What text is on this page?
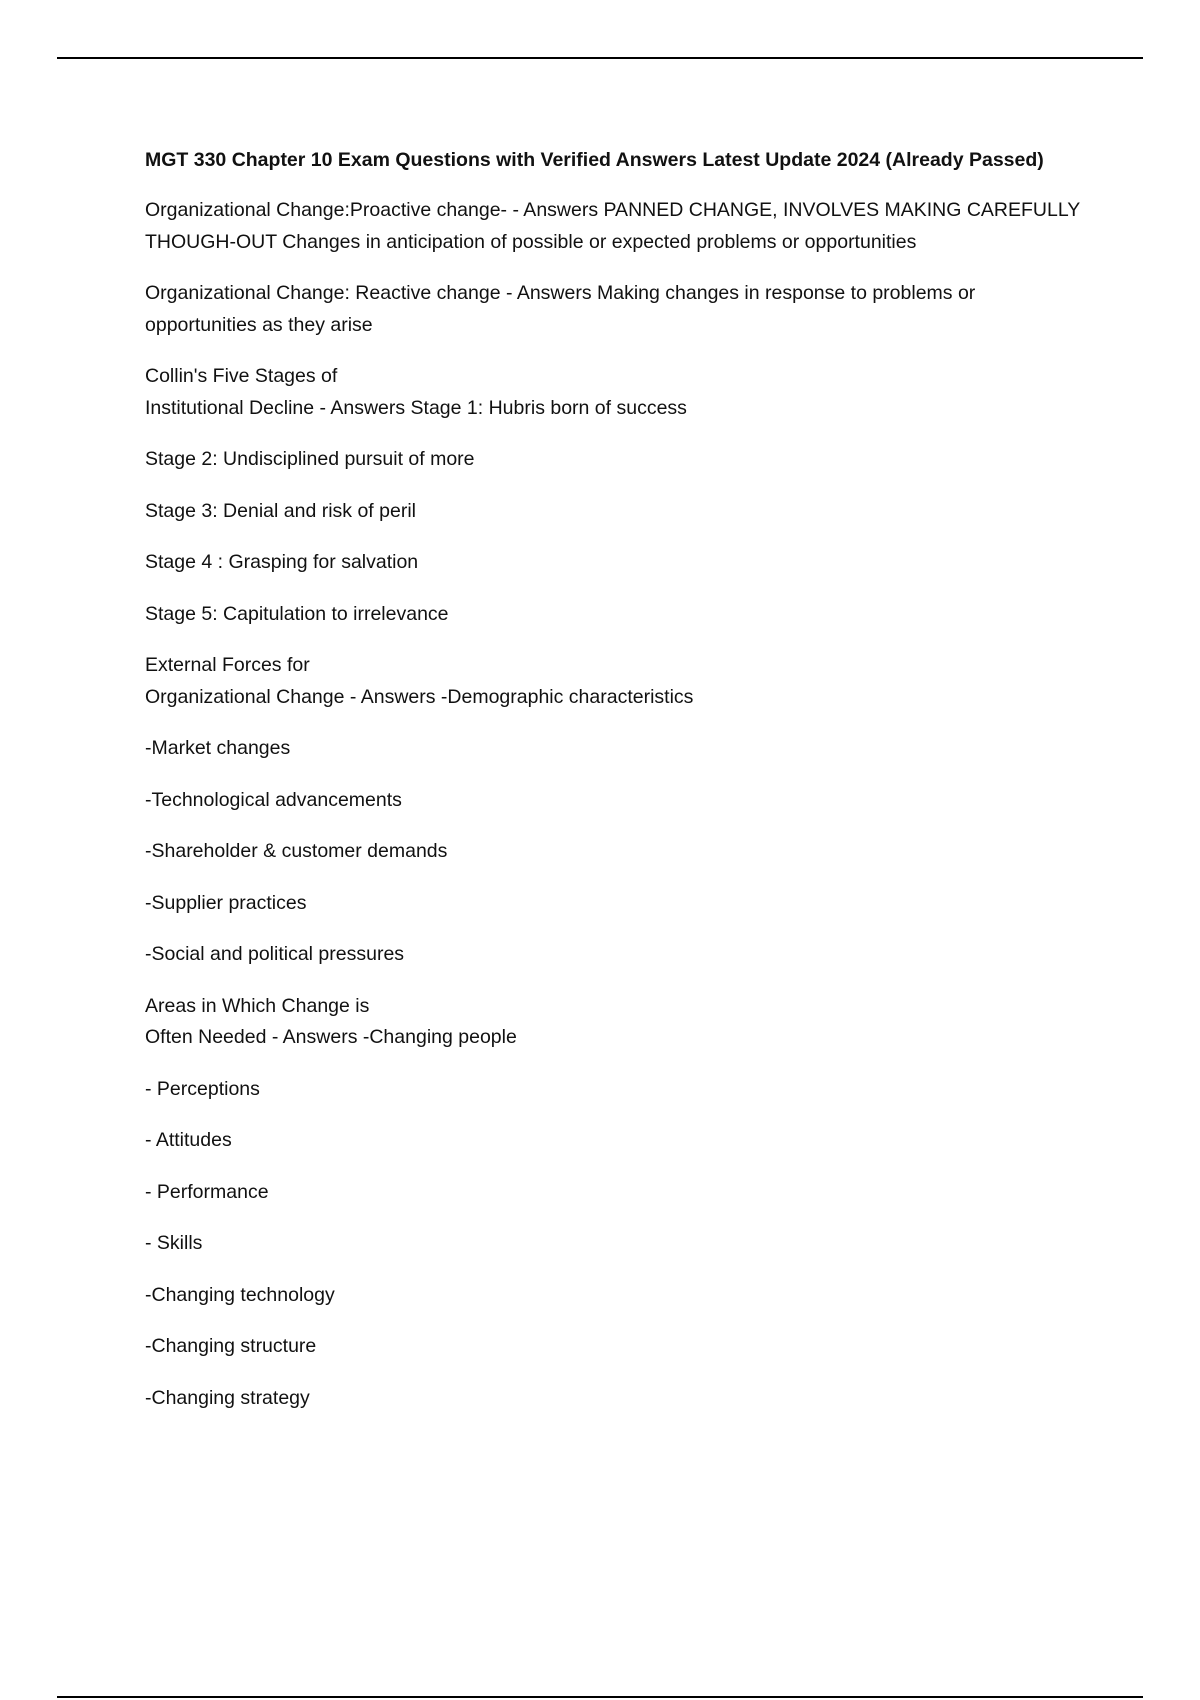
MGT 330 Chapter 10 Exam Questions with Verified Answers Latest Update 2024 (Already Passed)
Organizational Change:Proactive change- - Answers PANNED CHANGE, INVOLVES MAKING CAREFULLY
THOUGH-OUT Changes in anticipation of possible or expected problems or opportunities
Organizational Change: Reactive change - Answers Making changes in response to problems or
opportunities as they arise
Collin's Five Stages of
Institutional Decline - Answers Stage 1: Hubris born of success
Stage 2: Undisciplined pursuit of more
Stage 3: Denial and risk of peril
Stage 4 : Grasping for salvation
Stage 5: Capitulation to irrelevance
External Forces for
Organizational Change - Answers -Demographic characteristics
-Market changes
-Technological advancements
-Shareholder & customer demands
-Supplier practices
-Social and political pressures
Areas in Which Change is
Often Needed - Answers -Changing people
- Perceptions
- Attitudes
- Performance
- Skills
-Changing technology
-Changing structure
-Changing strategy
